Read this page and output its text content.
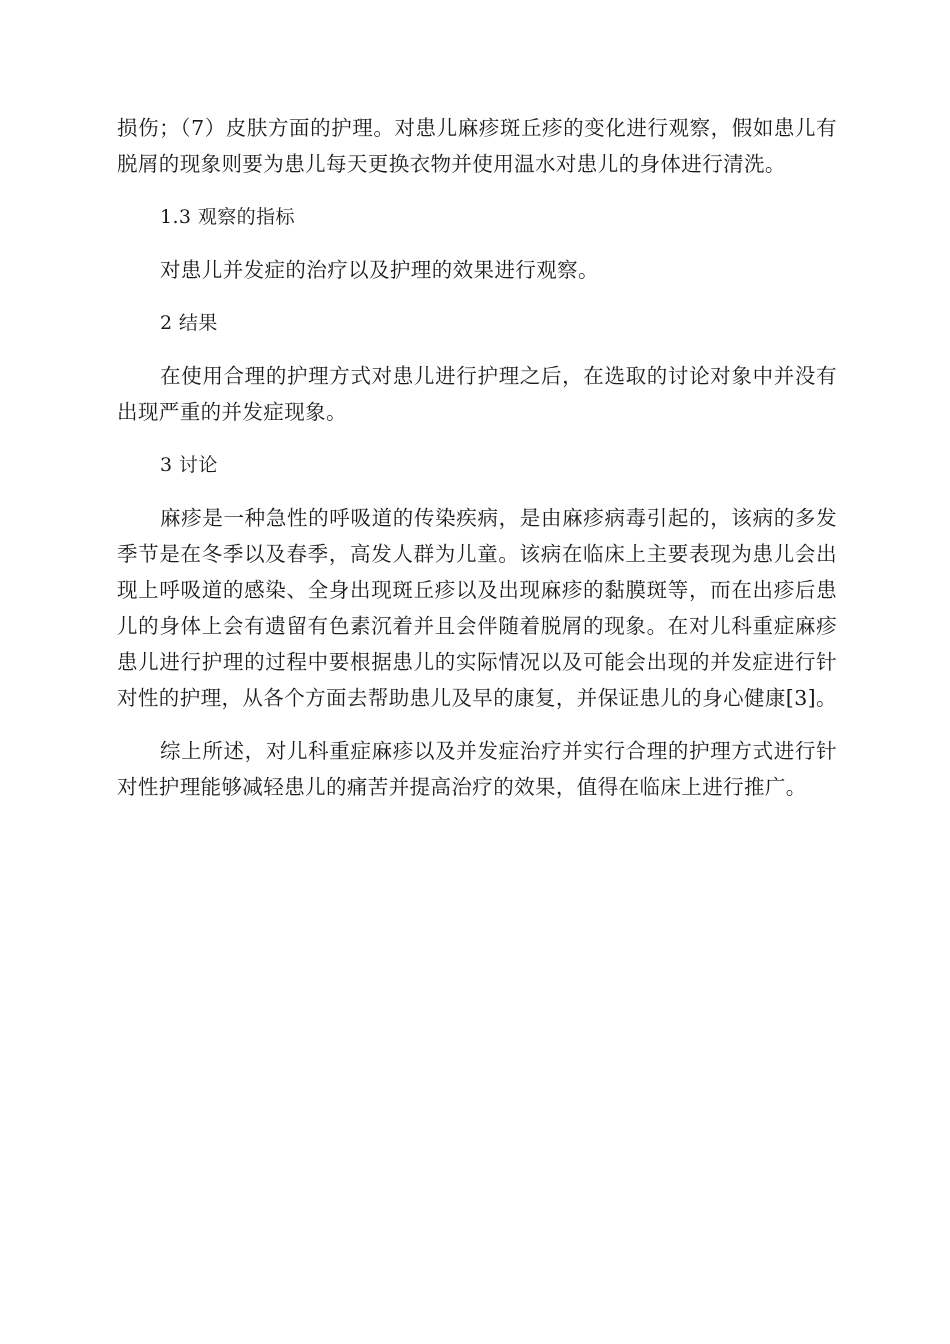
损伤；（7）皮肤方面的护理。对患儿麻疹斑丘疹的变化进行观察，假如患儿有脱屑的现象则要为患儿每天更换衣物并使用温水对患儿的身体进行清洗。

1.3 观察的指标

对患儿并发症的治疗以及护理的效果进行观察。

2 结果

在使用合理的护理方式对患儿进行护理之后，在选取的讨论对象中并没有出现严重的并发症现象。

3 讨论

麻疹是一种急性的呼吸道的传染疾病，是由麻疹病毒引起的，该病的多发季节是在冬季以及春季，高发人群为儿童。该病在临床上主要表现为患儿会出现上呼吸道的感染、全身出现斑丘疹以及出现麻疹的黏膜斑等，而在出疹后患儿的身体上会有遗留有色素沉着并且会伴随着脱屑的现象。在对儿科重症麻疹患儿进行护理的过程中要根据患儿的实际情况以及可能会出现的并发症进行针对性的护理，从各个方面去帮助患儿及早的康复，并保证患儿的身心健康[3]。

综上所述，对儿科重症麻疹以及并发症治疗并实行合理的护理方式进行针对性护理能够减轻患儿的痛苦并提高治疗的效果，值得在临床上进行推广。
